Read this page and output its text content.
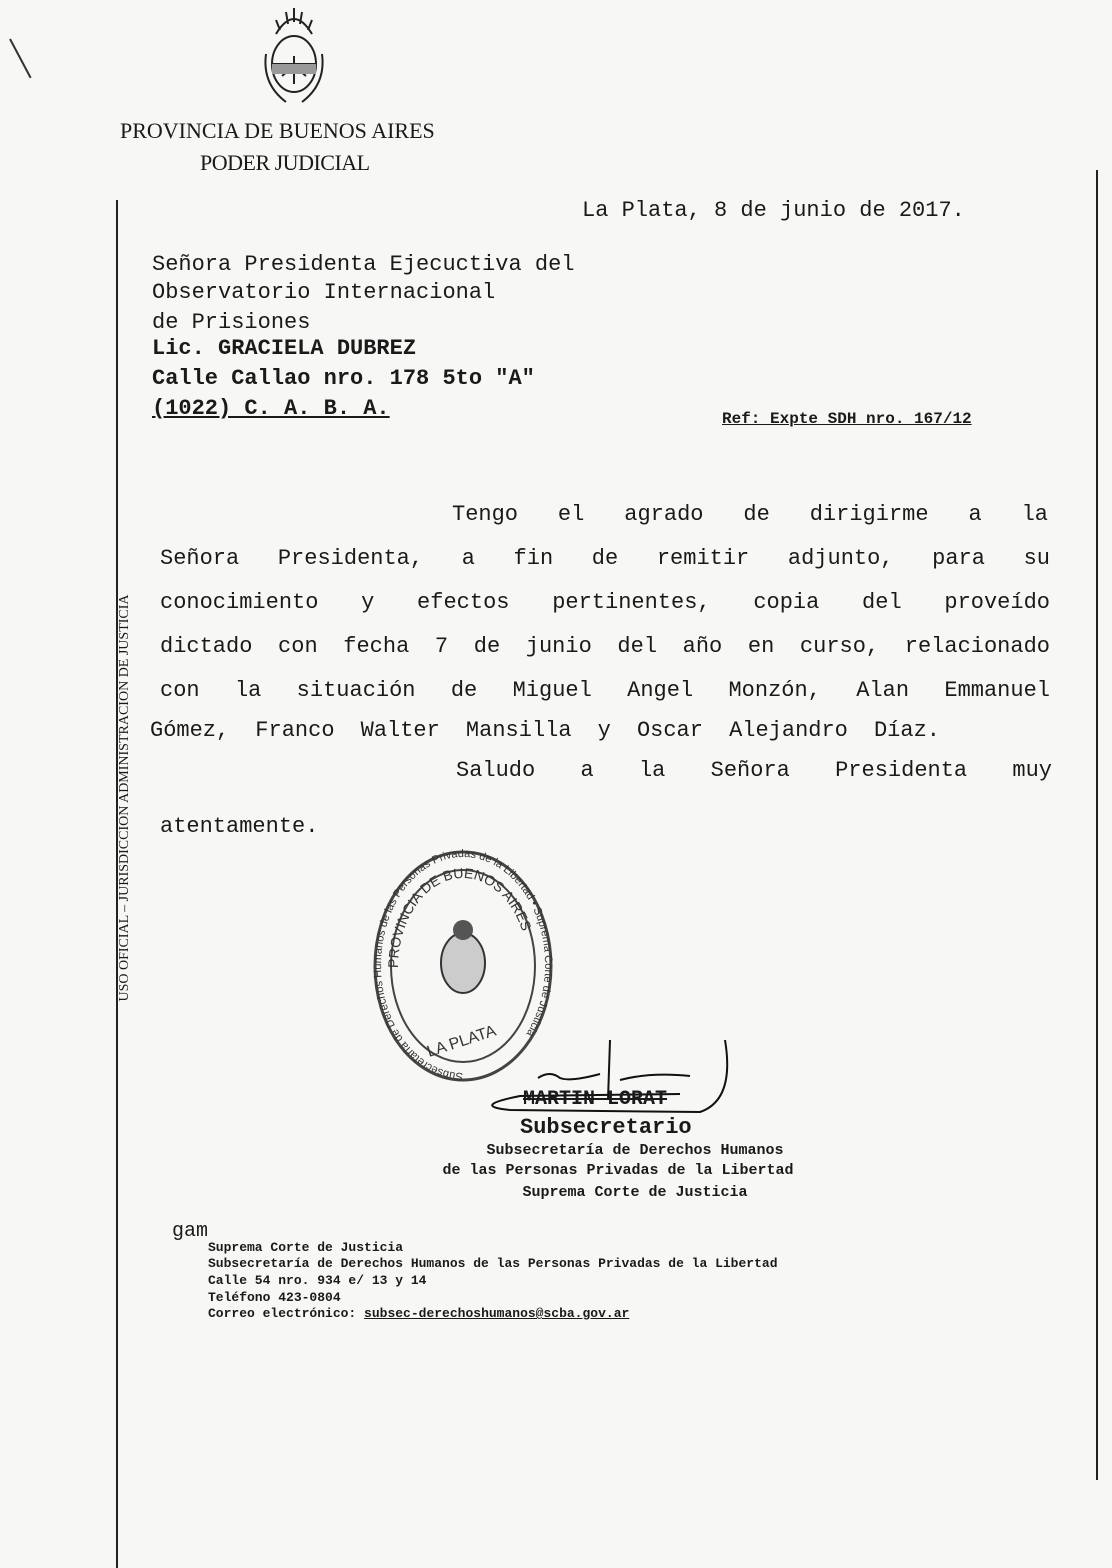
PROVINCIA DE BUENOS AIRES
PODER JUDICIAL
USO OFICIAL – JURISDICCIÓN ADMINISTRACIÓN DE JUSTICIA
La Plata, 8 de junio de 2017.
Señora Presidenta Ejecuctiva del
Observatorio Internacional
de Prisiones
Lic. GRACIELA DUBREZ
Calle Callao nro. 178 5to "A"
(1022) C. A. B. A.	Ref: Expte SDH nro. 167/12
Tengo el agrado de dirigirme a la
Señora Presidenta, a fin de remitir adjunto, para su
conocimiento y efectos pertinentes, copia del proveído
dictado con fecha 7 de junio del año en curso, relacionado
con la situación de Miguel Angel Monzón, Alan Emmanuel
Gómez, Franco Walter Mansilla y Oscar Alejandro Díaz.
Saludo a la Señora Presidenta muy
atentamente.
Subsecretaría de Derechos Humanos de las Personas Privadas de la Libertad • Suprema Corte de Justicia
PROVINCIA DE BUENOS AIRES
LA PLATA
MARTIN LORAT
Subsecretario
Subsecretaría de Derechos Humanos
de las Personas Privadas de la Libertad
Suprema Corte de Justicia
gam
Suprema Corte de Justicia
Subsecretaría de Derechos Humanos de las Personas Privadas de la Libertad
Calle 54 nro. 934 e/ 13 y 14
Teléfono 423-0804
Correo electrónico: subsec-derechoshumanos@scba.gov.ar
